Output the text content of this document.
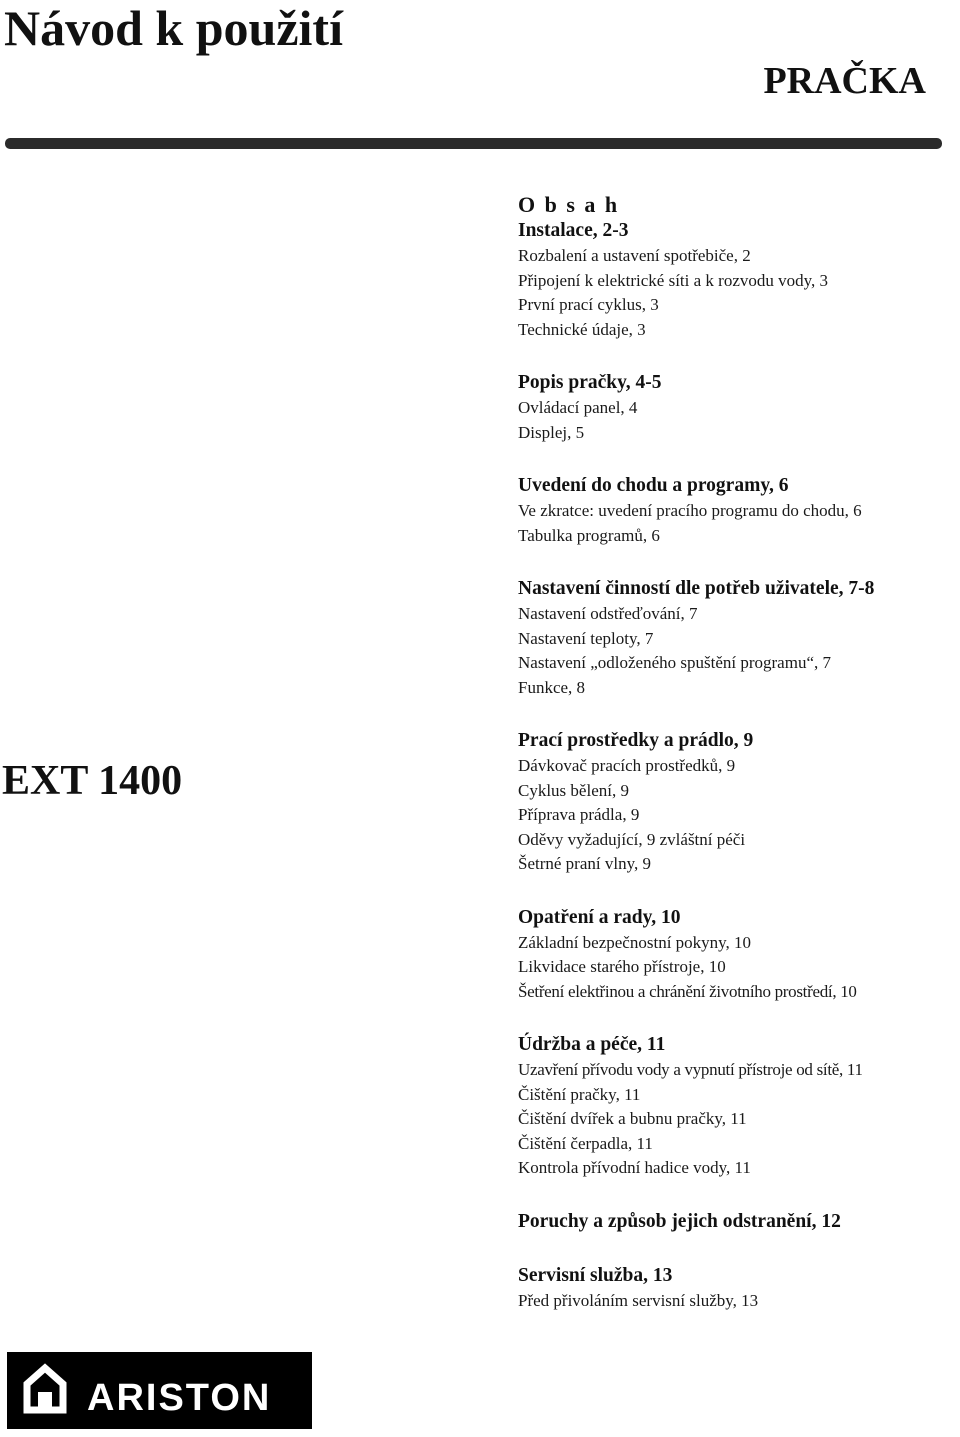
Návod k použití
PRAČKA
EXT 1400
O b s a h
Instalace, 2-3
Rozbalení a ustavení spotřebiče, 2
Připojení k elektrické síti a k rozvodu vody, 3
První prací cyklus, 3
Technické údaje, 3
Popis pračky, 4-5
Ovládací panel, 4
Displej, 5
Uvedení do chodu a programy, 6
Ve zkratce: uvedení pracího programu do chodu, 6
Tabulka programů, 6
Nastavení činností dle potřeb uživatele, 7-8
Nastavení odstřeďování, 7
Nastavení teploty, 7
Nastavení „odloženého spuštění programu“, 7
Funkce, 8
Prací prostředky a prádlo, 9
Dávkovač pracích prostředků, 9
Cyklus bělení, 9
Příprava prádla, 9
Oděvy vyžadující, 9 zvláštní péči
Šetrné praní vlny, 9
Opatření a rady, 10
Základní bezpečnostní pokyny, 10
Likvidace starého přístroje, 10
Šetření elektřinou a chránění životního prostředí, 10
Údržba a péče, 11
Uzavření přívodu vody a vypnutí přístroje od sítě, 11
Čištění pračky, 11
Čištění dvířek a bubnu pračky, 11
Čištění čerpadla, 11
Kontrola přívodní hadice vody, 11
Poruchy a způsob jejich odstranění, 12
Servisní služba, 13
Před přivoláním servisní služby, 13
ARISTON
